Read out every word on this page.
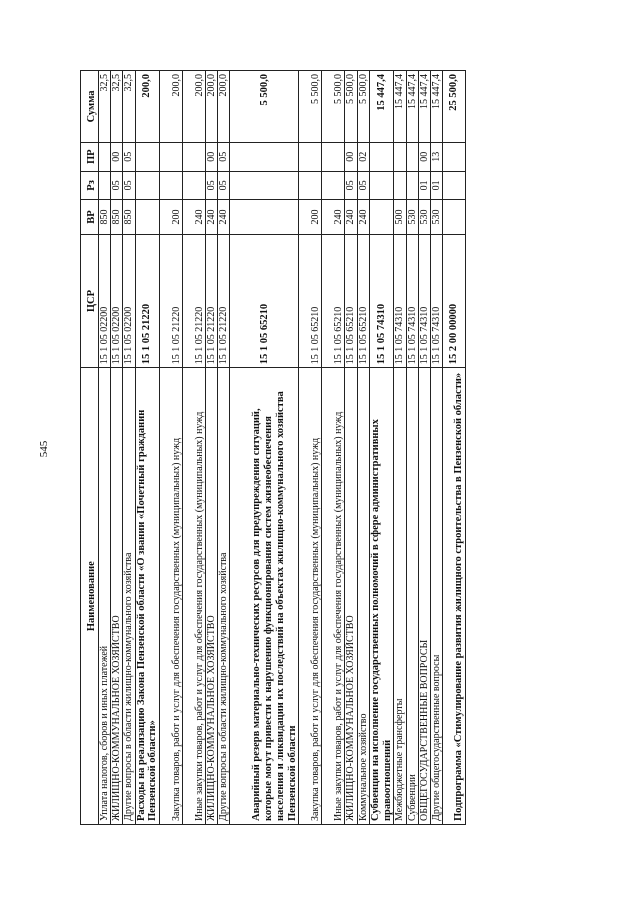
545
Наименование	ЦСР	ВР	Рз	ПР	Сумма
Уплата налогов, сборов и иных платежей	15 1 05 02200	850			32,5
ЖИЛИЩНО-КОММУНАЛЬНОЕ ХОЗЯЙСТВО	15 1 05 02200	850	05	00	32,5
Другие вопросы в области жилищно-коммунального хозяйства	15 1 05 02200	850	05	05	32,5
Расходы на реализацию Закона Пензенской области «О звании «Почетный гражданин Пензенской области»	15 1 05 21220				200,0
Закупка товаров, работ и услуг для обеспечения государственных (муниципальных) нужд	15 1 05 21220	200			200,0
Иные закупки товаров, работ и услуг для обеспечения государственных (муниципальных) нужд	15 1 05 21220	240			200,0
ЖИЛИЩНО-КОММУНАЛЬНОЕ ХОЗЯЙСТВО	15 1 05 21220	240	05	00	200,0
Другие вопросы в области жилищно-коммунального хозяйства	15 1 05 21220	240	05	05	200,0
Аварийный резерв материально-технических ресурсов для предупреждения ситуаций, которые могут привести к нарушению функционирования систем жизнеобеспечения населения и ликвидации их последствий на объектах жилищно-коммунального хозяйства Пензенской области	15 1 05 65210				5 500,0
Закупка товаров, работ и услуг для обеспечения государственных (муниципальных) нужд	15 1 05 65210	200			5 500,0
Иные закупки товаров, работ и услуг для обеспечения государственных (муниципальных) нужд	15 1 05 65210	240			5 500,0
ЖИЛИЩНО-КОММУНАЛЬНОЕ ХОЗЯЙСТВО	15 1 05 65210	240	05	00	5 500,0
Коммунальное хозяйство	15 1 05 65210	240	05	02	5 500,0
Субвенции на исполнение государственных полномочий в сфере административных правоотношений	15 1 05 74310				15 447,4
Межбюджетные трансферты	15 1 05 74310	500			15 447,4
Субвенции	15 1 05 74310	530			15 447,4
ОБЩЕГОСУДАРСТВЕННЫЕ ВОПРОСЫ	15 1 05 74310	530	01	00	15 447,4
Другие общегосударственные вопросы	15 1 05 74310	530	01	13	15 447,4
Подпрограмма «Стимулирование развития жилищного строительства в Пензенской области»	15 2 00 00000				25 500,0
